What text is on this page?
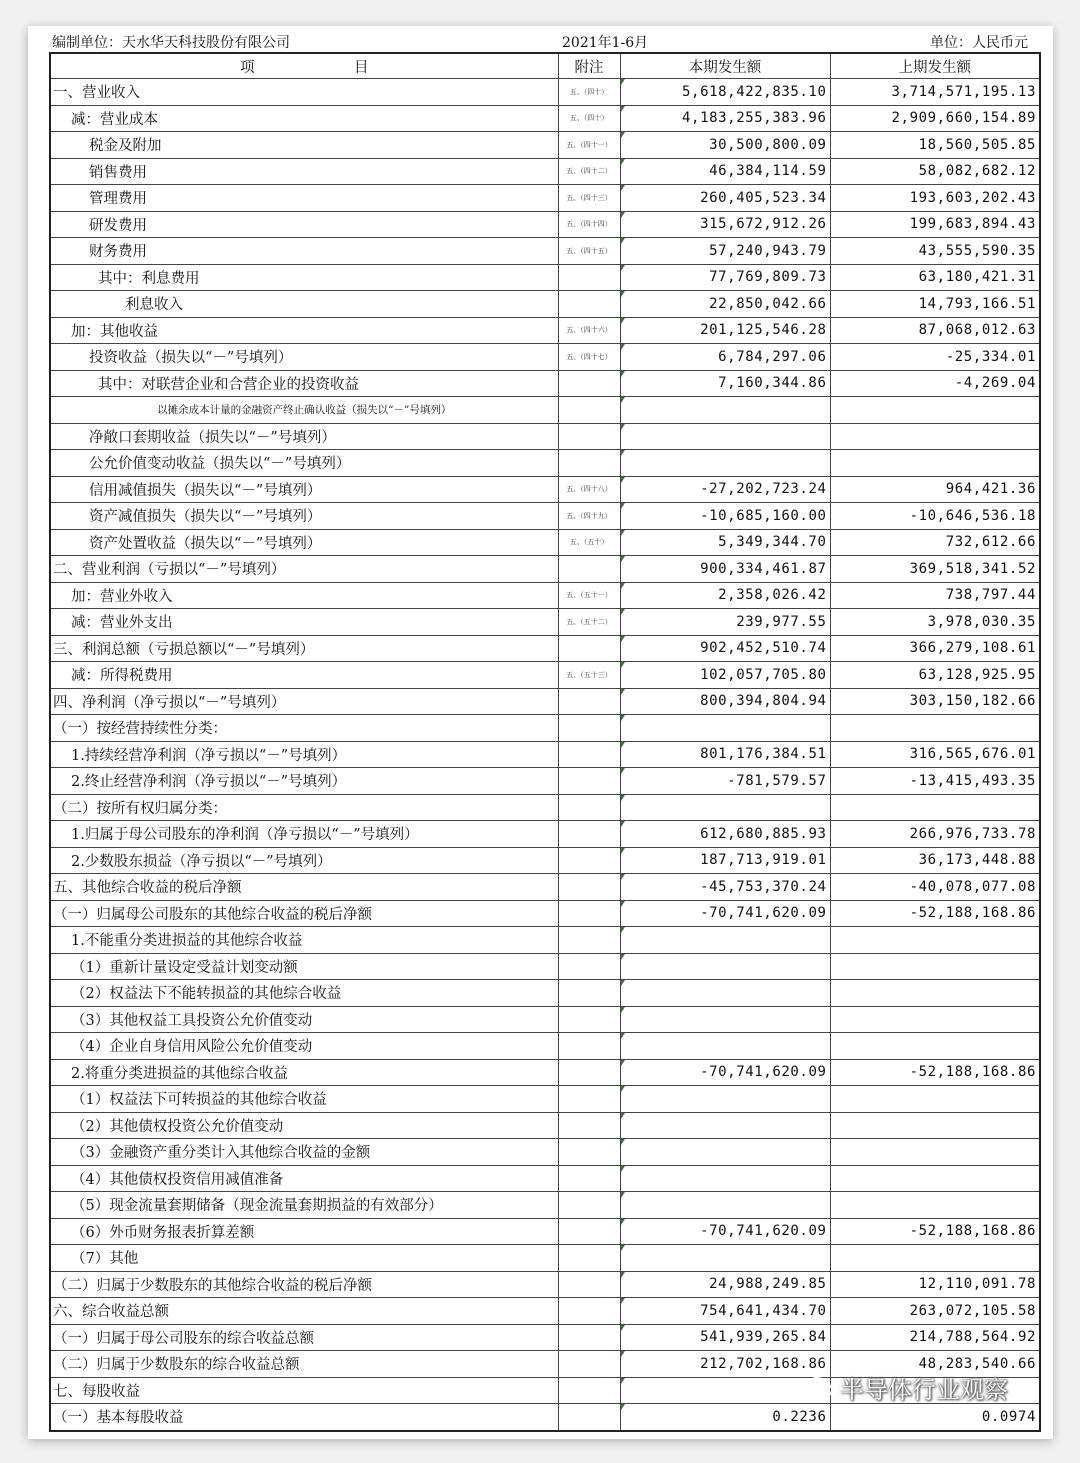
编制单位：天水华天科技股份有限公司	2021年1-6月	单位：人民币元
项 目	附注	本期发生额	上期发生额
一、营业收入	五、（四十）	5,618,422,835.10	3,714,571,195.13
减：营业成本	五、（四十）	4,183,255,383.96	2,909,660,154.89
税金及附加	五、（四十一）	30,500,800.09	18,560,505.85
销售费用	五、（四十二）	46,384,114.59	58,082,682.12
管理费用	五、（四十三）	260,405,523.34	193,603,202.43
研发费用	五、（四十四）	315,672,912.26	199,683,894.43
财务费用	五、（四十五）	57,240,943.79	43,555,590.35
其中：利息费用		77,769,809.73	63,180,421.31
利息收入		22,850,042.66	14,793,166.51
加：其他收益	五、（四十六）	201,125,546.28	87,068,012.63
投资收益（损失以“－”号填列）	五、（四十七）	6,784,297.06	-25,334.01
其中：对联营企业和合营企业的投资收益		7,160,344.86	-4,269.04
以摊余成本计量的金融资产终止确认收益（损失以“－”号填列）			
净敞口套期收益（损失以“－”号填列）			
公允价值变动收益（损失以“－”号填列）			
信用减值损失（损失以“－”号填列）	五、（四十八）	-27,202,723.24	964,421.36
资产减值损失（损失以“－”号填列）	五、（四十九）	-10,685,160.00	-10,646,536.18
资产处置收益（损失以“－”号填列）	五、（五十）	5,349,344.70	732,612.66
二、营业利润（亏损以“－”号填列）		900,334,461.87	369,518,341.52
加：营业外收入	五、（五十一）	2,358,026.42	738,797.44
减：营业外支出	五、（五十二）	239,977.55	3,978,030.35
三、利润总额（亏损总额以“－”号填列）		902,452,510.74	366,279,108.61
减：所得税费用	五、（五十三）	102,057,705.80	63,128,925.95
四、净利润（净亏损以“－”号填列）		800,394,804.94	303,150,182.66
（一）按经营持续性分类：			
1.持续经营净利润（净亏损以“－”号填列）		801,176,384.51	316,565,676.01
2.终止经营净利润（净亏损以“－”号填列）		-781,579.57	-13,415,493.35
（二）按所有权归属分类：			
1.归属于母公司股东的净利润（净亏损以“－”号填列）		612,680,885.93	266,976,733.78
2.少数股东损益（净亏损以“－”号填列）		187,713,919.01	36,173,448.88
五、其他综合收益的税后净额		-45,753,370.24	-40,078,077.08
（一）归属母公司股东的其他综合收益的税后净额		-70,741,620.09	-52,188,168.86
1.不能重分类进损益的其他综合收益			
（1）重新计量设定受益计划变动额			
（2）权益法下不能转损益的其他综合收益			
（3）其他权益工具投资公允价值变动			
（4）企业自身信用风险公允价值变动			
2.将重分类进损益的其他综合收益		-70,741,620.09	-52,188,168.86
（1）权益法下可转损益的其他综合收益			
（2）其他债权投资公允价值变动			
（3）金融资产重分类计入其他综合收益的金额			
（4）其他债权投资信用减值准备			
（5）现金流量套期储备（现金流量套期损益的有效部分）			
（6）外币财务报表折算差额		-70,741,620.09	-52,188,168.86
（7）其他			
（二）归属于少数股东的其他综合收益的税后净额		24,988,249.85	12,110,091.78
六、综合收益总额		754,641,434.70	263,072,105.58
（一）归属于母公司股东的综合收益总额		541,939,265.84	214,788,564.92
（二）归属于少数股东的综合收益总额		212,702,168.86	48,283,540.66
七、每股收益			
（一）基本每股收益		0.2236	0.0974
半导体行业观察
